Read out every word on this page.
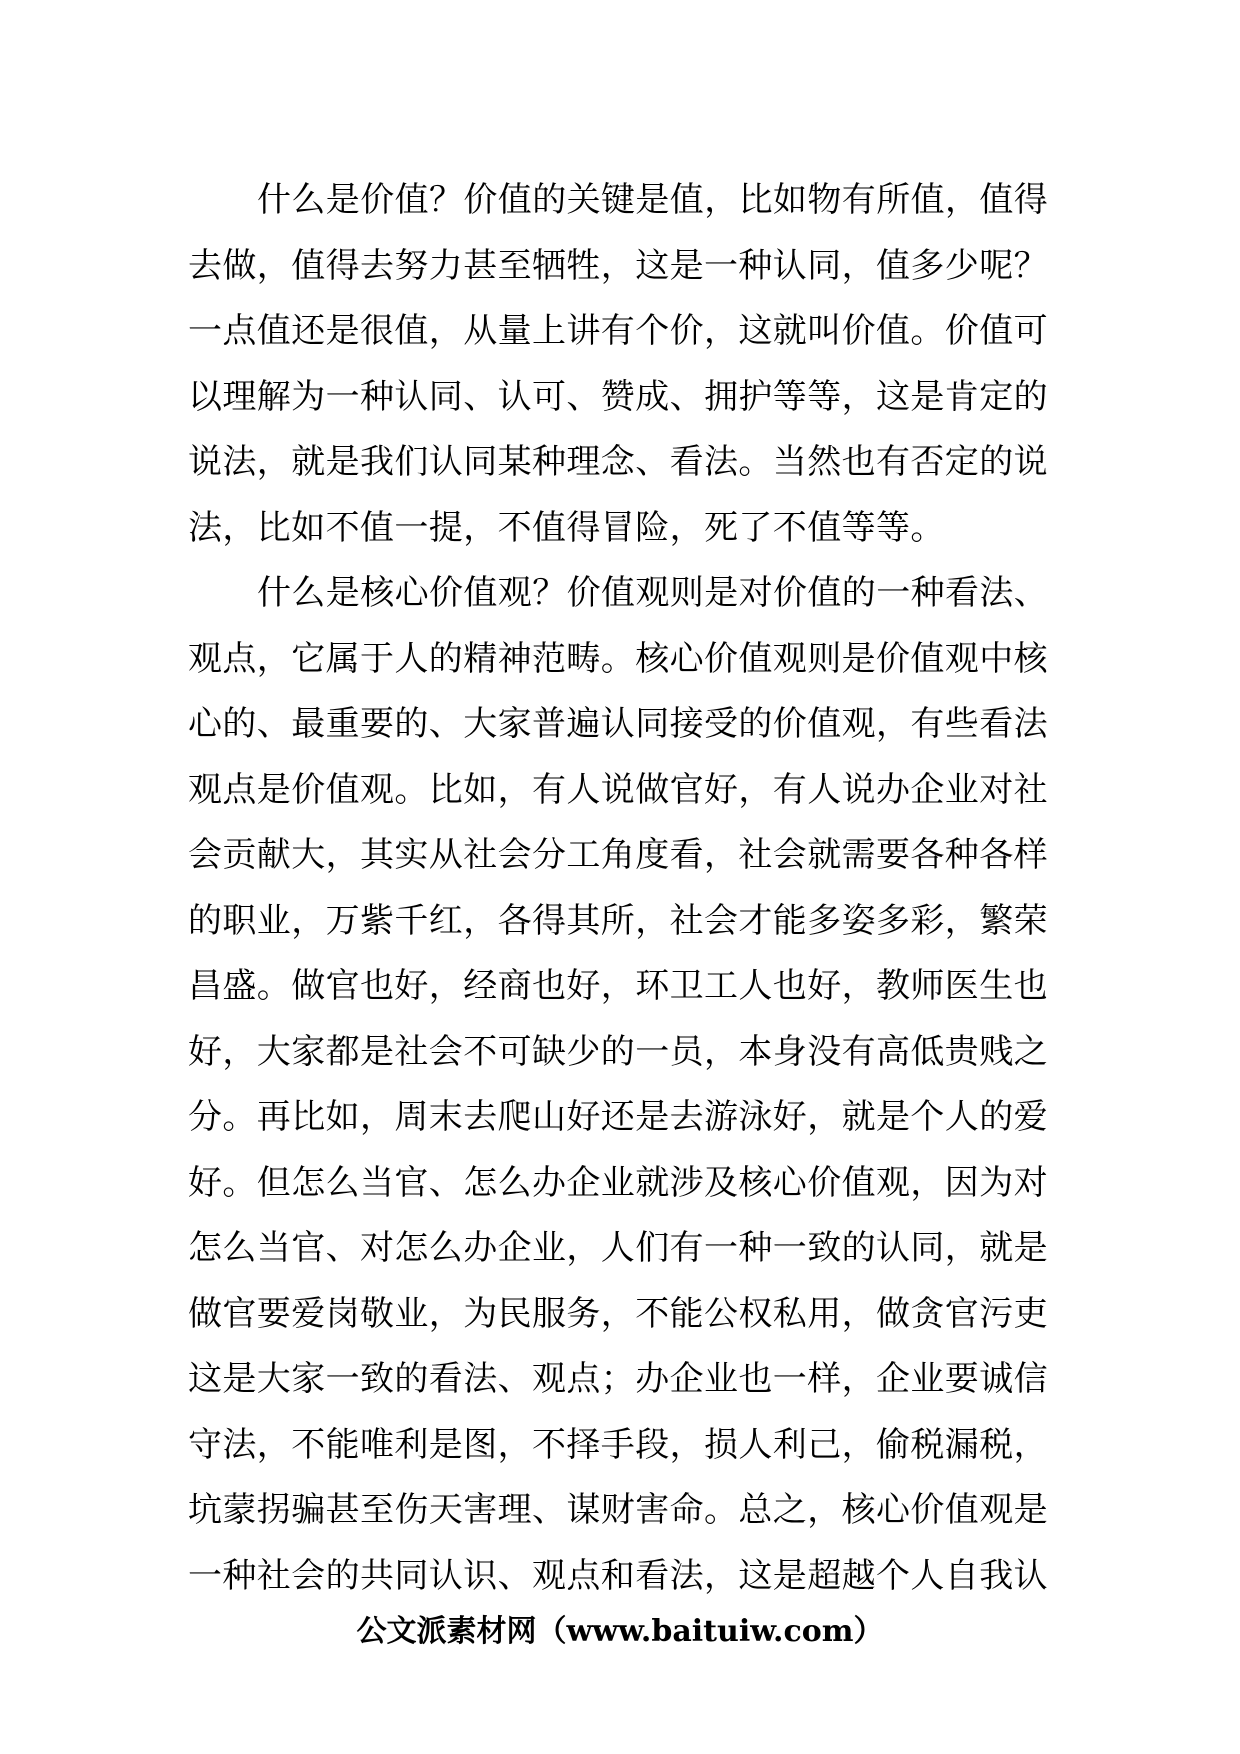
什么是价值？价值的关键是值，比如物有所值，值得
去做，值得去努力甚至牺牲，这是一种认同，值多少呢？
一点值还是很值，从量上讲有个价，这就叫价值。价值可
以理解为一种认同、认可、赞成、拥护等等，这是肯定的
说法，就是我们认同某种理念、看法。当然也有否定的说
法，比如不值一提，不值得冒险，死了不值等等。
什么是核心价值观？价值观则是对价值的一种看法、
观点，它属于人的精神范畴。核心价值观则是价值观中核
心的、最重要的、大家普遍认同接受的价值观，有些看法
观点是价值观。比如，有人说做官好，有人说办企业对社
会贡献大，其实从社会分工角度看，社会就需要各种各样
的职业，万紫千红，各得其所，社会才能多姿多彩，繁荣
昌盛。做官也好，经商也好，环卫工人也好，教师医生也
好，大家都是社会不可缺少的一员，本身没有高低贵贱之
分。再比如，周末去爬山好还是去游泳好，就是个人的爱
好。但怎么当官、怎么办企业就涉及核心价值观，因为对
怎么当官、对怎么办企业，人们有一种一致的认同，就是
做官要爱岗敬业，为民服务，不能公权私用，做贪官污吏
这是大家一致的看法、观点；办企业也一样，企业要诚信
守法，不能唯利是图，不择手段，损人利己，偷税漏税，
坑蒙拐骗甚至伤天害理、谋财害命。总之，核心价值观是
一种社会的共同认识、观点和看法，这是超越个人自我认
公文派素材网（www.baituiw.com）
